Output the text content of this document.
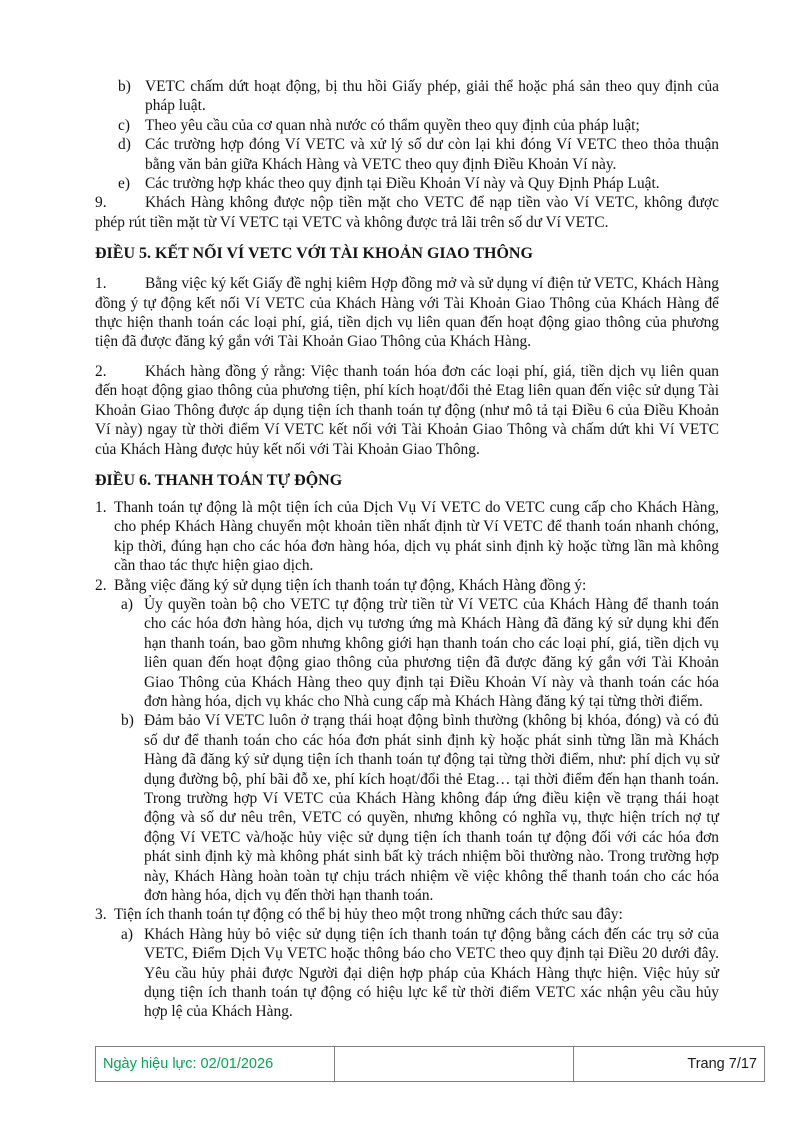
b) VETC chấm dứt hoạt động, bị thu hồi Giấy phép, giải thể hoặc phá sản theo quy định của pháp luật.

c) Theo yêu cầu của cơ quan nhà nước có thẩm quyền theo quy định của pháp luật;

d) Các trường hợp đóng Ví VETC và xử lý số dư còn lại khi đóng Ví VETC theo thỏa thuận bằng văn bản giữa Khách Hàng và VETC theo quy định Điều Khoản Ví này.

e) Các trường hợp khác theo quy định tại Điều Khoản Ví này và Quy Định Pháp Luật.

9. Khách Hàng không được nộp tiền mặt cho VETC để nạp tiền vào Ví VETC, không được phép rút tiền mặt từ Ví VETC tại VETC và không được trả lãi trên số dư Ví VETC.

ĐIỀU 5. KẾT NỐI VÍ VETC VỚI TÀI KHOẢN GIAO THÔNG

1. Bằng việc ký kết Giấy đề nghị kiêm Hợp đồng mở và sử dụng ví điện tử VETC, Khách Hàng đồng ý tự động kết nối Ví VETC của Khách Hàng với Tài Khoản Giao Thông của Khách Hàng để thực hiện thanh toán các loại phí, giá, tiền dịch vụ liên quan đến hoạt động giao thông của phương tiện đã được đăng ký gắn với Tài Khoản Giao Thông của Khách Hàng.

2. Khách hàng đồng ý rằng: Việc thanh toán hóa đơn các loại phí, giá, tiền dịch vụ liên quan đến hoạt động giao thông của phương tiện, phí kích hoạt/đổi thẻ Etag liên quan đến việc sử dụng Tài Khoản Giao Thông được áp dụng tiện ích thanh toán tự động (như mô tả tại Điều 6 của Điều Khoản Ví này) ngay từ thời điểm Ví VETC kết nối với Tài Khoản Giao Thông và chấm dứt khi Ví VETC của Khách Hàng được hủy kết nối với Tài Khoản Giao Thông.

ĐIỀU 6. THANH TOÁN TỰ ĐỘNG

1. Thanh toán tự động là một tiện ích của Dịch Vụ Ví VETC do VETC cung cấp cho Khách Hàng, cho phép Khách Hàng chuyển một khoản tiền nhất định từ Ví VETC để thanh toán nhanh chóng, kịp thời, đúng hạn cho các hóa đơn hàng hóa, dịch vụ phát sinh định kỳ hoặc từng lần mà không cần thao tác thực hiện giao dịch.

2. Bằng việc đăng ký sử dụng tiện ích thanh toán tự động, Khách Hàng đồng ý:

a) Ủy quyền toàn bộ cho VETC tự động trừ tiền từ Ví VETC của Khách Hàng để thanh toán cho các hóa đơn hàng hóa, dịch vụ tương ứng mà Khách Hàng đã đăng ký sử dụng khi đến hạn thanh toán, bao gồm nhưng không giới hạn thanh toán cho các loại phí, giá, tiền dịch vụ liên quan đến hoạt động giao thông của phương tiện đã được đăng ký gắn với Tài Khoản Giao Thông của Khách Hàng theo quy định tại Điều Khoản Ví này và thanh toán các hóa đơn hàng hóa, dịch vụ khác cho Nhà cung cấp mà Khách Hàng đăng ký tại từng thời điểm.

b) Đảm bảo Ví VETC luôn ở trạng thái hoạt động bình thường (không bị khóa, đóng) và có đủ số dư để thanh toán cho các hóa đơn phát sinh định kỳ hoặc phát sinh từng lần mà Khách Hàng đã đăng ký sử dụng tiện ích thanh toán tự động tại từng thời điểm, như: phí dịch vụ sử dụng đường bộ, phí bãi đỗ xe, phí kích hoạt/đổi thẻ Etag… tại thời điểm đến hạn thanh toán. Trong trường hợp Ví VETC của Khách Hàng không đáp ứng điều kiện về trạng thái hoạt động và số dư nêu trên, VETC có quyền, nhưng không có nghĩa vụ, thực hiện trích nợ tự động Ví VETC và/hoặc hủy việc sử dụng tiện ích thanh toán tự động đối với các hóa đơn phát sinh định kỳ mà không phát sinh bất kỳ trách nhiệm bồi thường nào. Trong trường hợp này, Khách Hàng hoàn toàn tự chịu trách nhiệm về việc không thể thanh toán cho các hóa đơn hàng hóa, dịch vụ đến thời hạn thanh toán.

3. Tiện ích thanh toán tự động có thể bị hủy theo một trong những cách thức sau đây:

a) Khách Hàng hủy bỏ việc sử dụng tiện ích thanh toán tự động bằng cách đến các trụ sở của VETC, Điểm Dịch Vụ VETC hoặc thông báo cho VETC theo quy định tại Điều 20 dưới đây. Yêu cầu hủy phải được Người đại diện hợp pháp của Khách Hàng thực hiện. Việc hủy sử dụng tiện ích thanh toán tự động có hiệu lực kể từ thời điểm VETC xác nhận yêu cầu hủy hợp lệ của Khách Hàng.

Ngày hiệu lực: 02/01/2026		Trang 7/17
